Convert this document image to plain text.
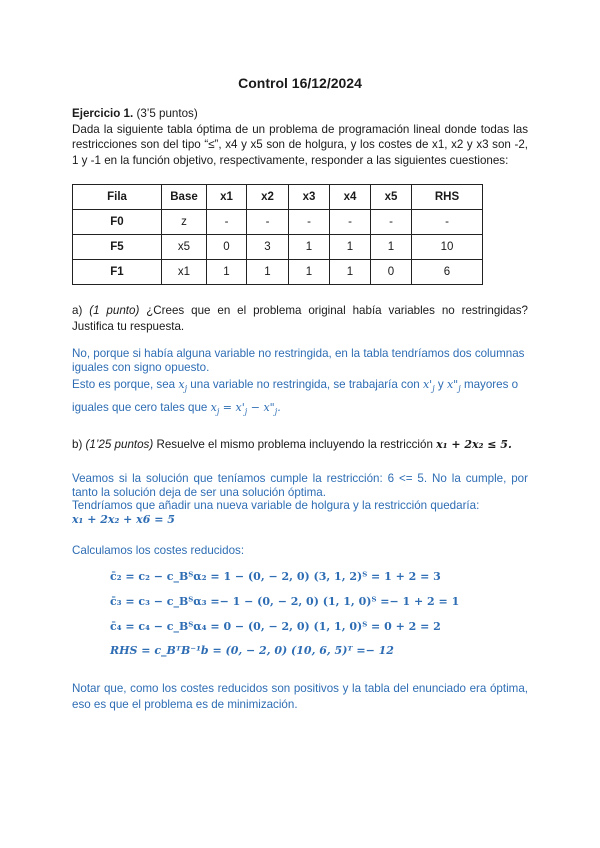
Control 16/12/2024
Ejercicio 1. (3’5 puntos)
Dada la siguiente tabla óptima de un problema de programación lineal donde todas las restricciones son del tipo “≤”, x4 y x5 son de holgura, y los costes de x1, x2 y x3 son -2, 1 y -1 en la función objetivo, respectivamente, responder a las siguientes cuestiones:
Fila	Base	x1	x2	x3	x4	x5	RHS
F0	z	-	-	-	-	-	-
F5	x5	0	3	1	1	1	10
F1	x1	1	1	1	1	0	6
a) (1 punto) ¿Crees que en el problema original había variables no restringidas? Justifica tu respuesta.
No, porque si había alguna variable no restringida, en la tabla tendríamos dos columnas iguales con signo opuesto.
Esto es porque, sea $x_j$ una variable no restringida, se trabajaría con $x'_j$ y $x"_j$ mayores o iguales que cero tales que $x_j = x'_j$ − $x"_j$.
b) (1’25 puntos) Resuelve el mismo problema incluyendo la restricción x₁ + 2x₂ ≤ 5.
Veamos si la solución que teníamos cumple la restricción: 6 <= 5. No la cumple, por tanto la solución deja de ser una solución óptima.
Tendríamos que añadir una nueva variable de holgura y la restricción quedaría:
x₁ + 2x₂ + x6 = 5
Calculamos los costes reducidos:
c̄₂ = c₂ − c_Bᵀα₂ = 1 − (0, − 2, 0) (3, 1, 2)ᵀ = 1 + 2 = 3
c̄₃ = c₃ − c_Bᵀα₃ =− 1 − (0, − 2, 0) (1, 1, 0)ᵀ =− 1 + 2 = 1
c̄₄ = c₄ − c_Bᵀα₄ = 0 − (0, − 2, 0) (1, 1, 0)ᵀ = 0 + 2 = 2
RHS = c_BᵀB⁻¹b = (0, − 2, 0) (10, 6, 5)ᵀ =− 12
Notar que, como los costes reducidos son positivos y la tabla del enunciado era óptima, eso es que el problema es de minimización.
